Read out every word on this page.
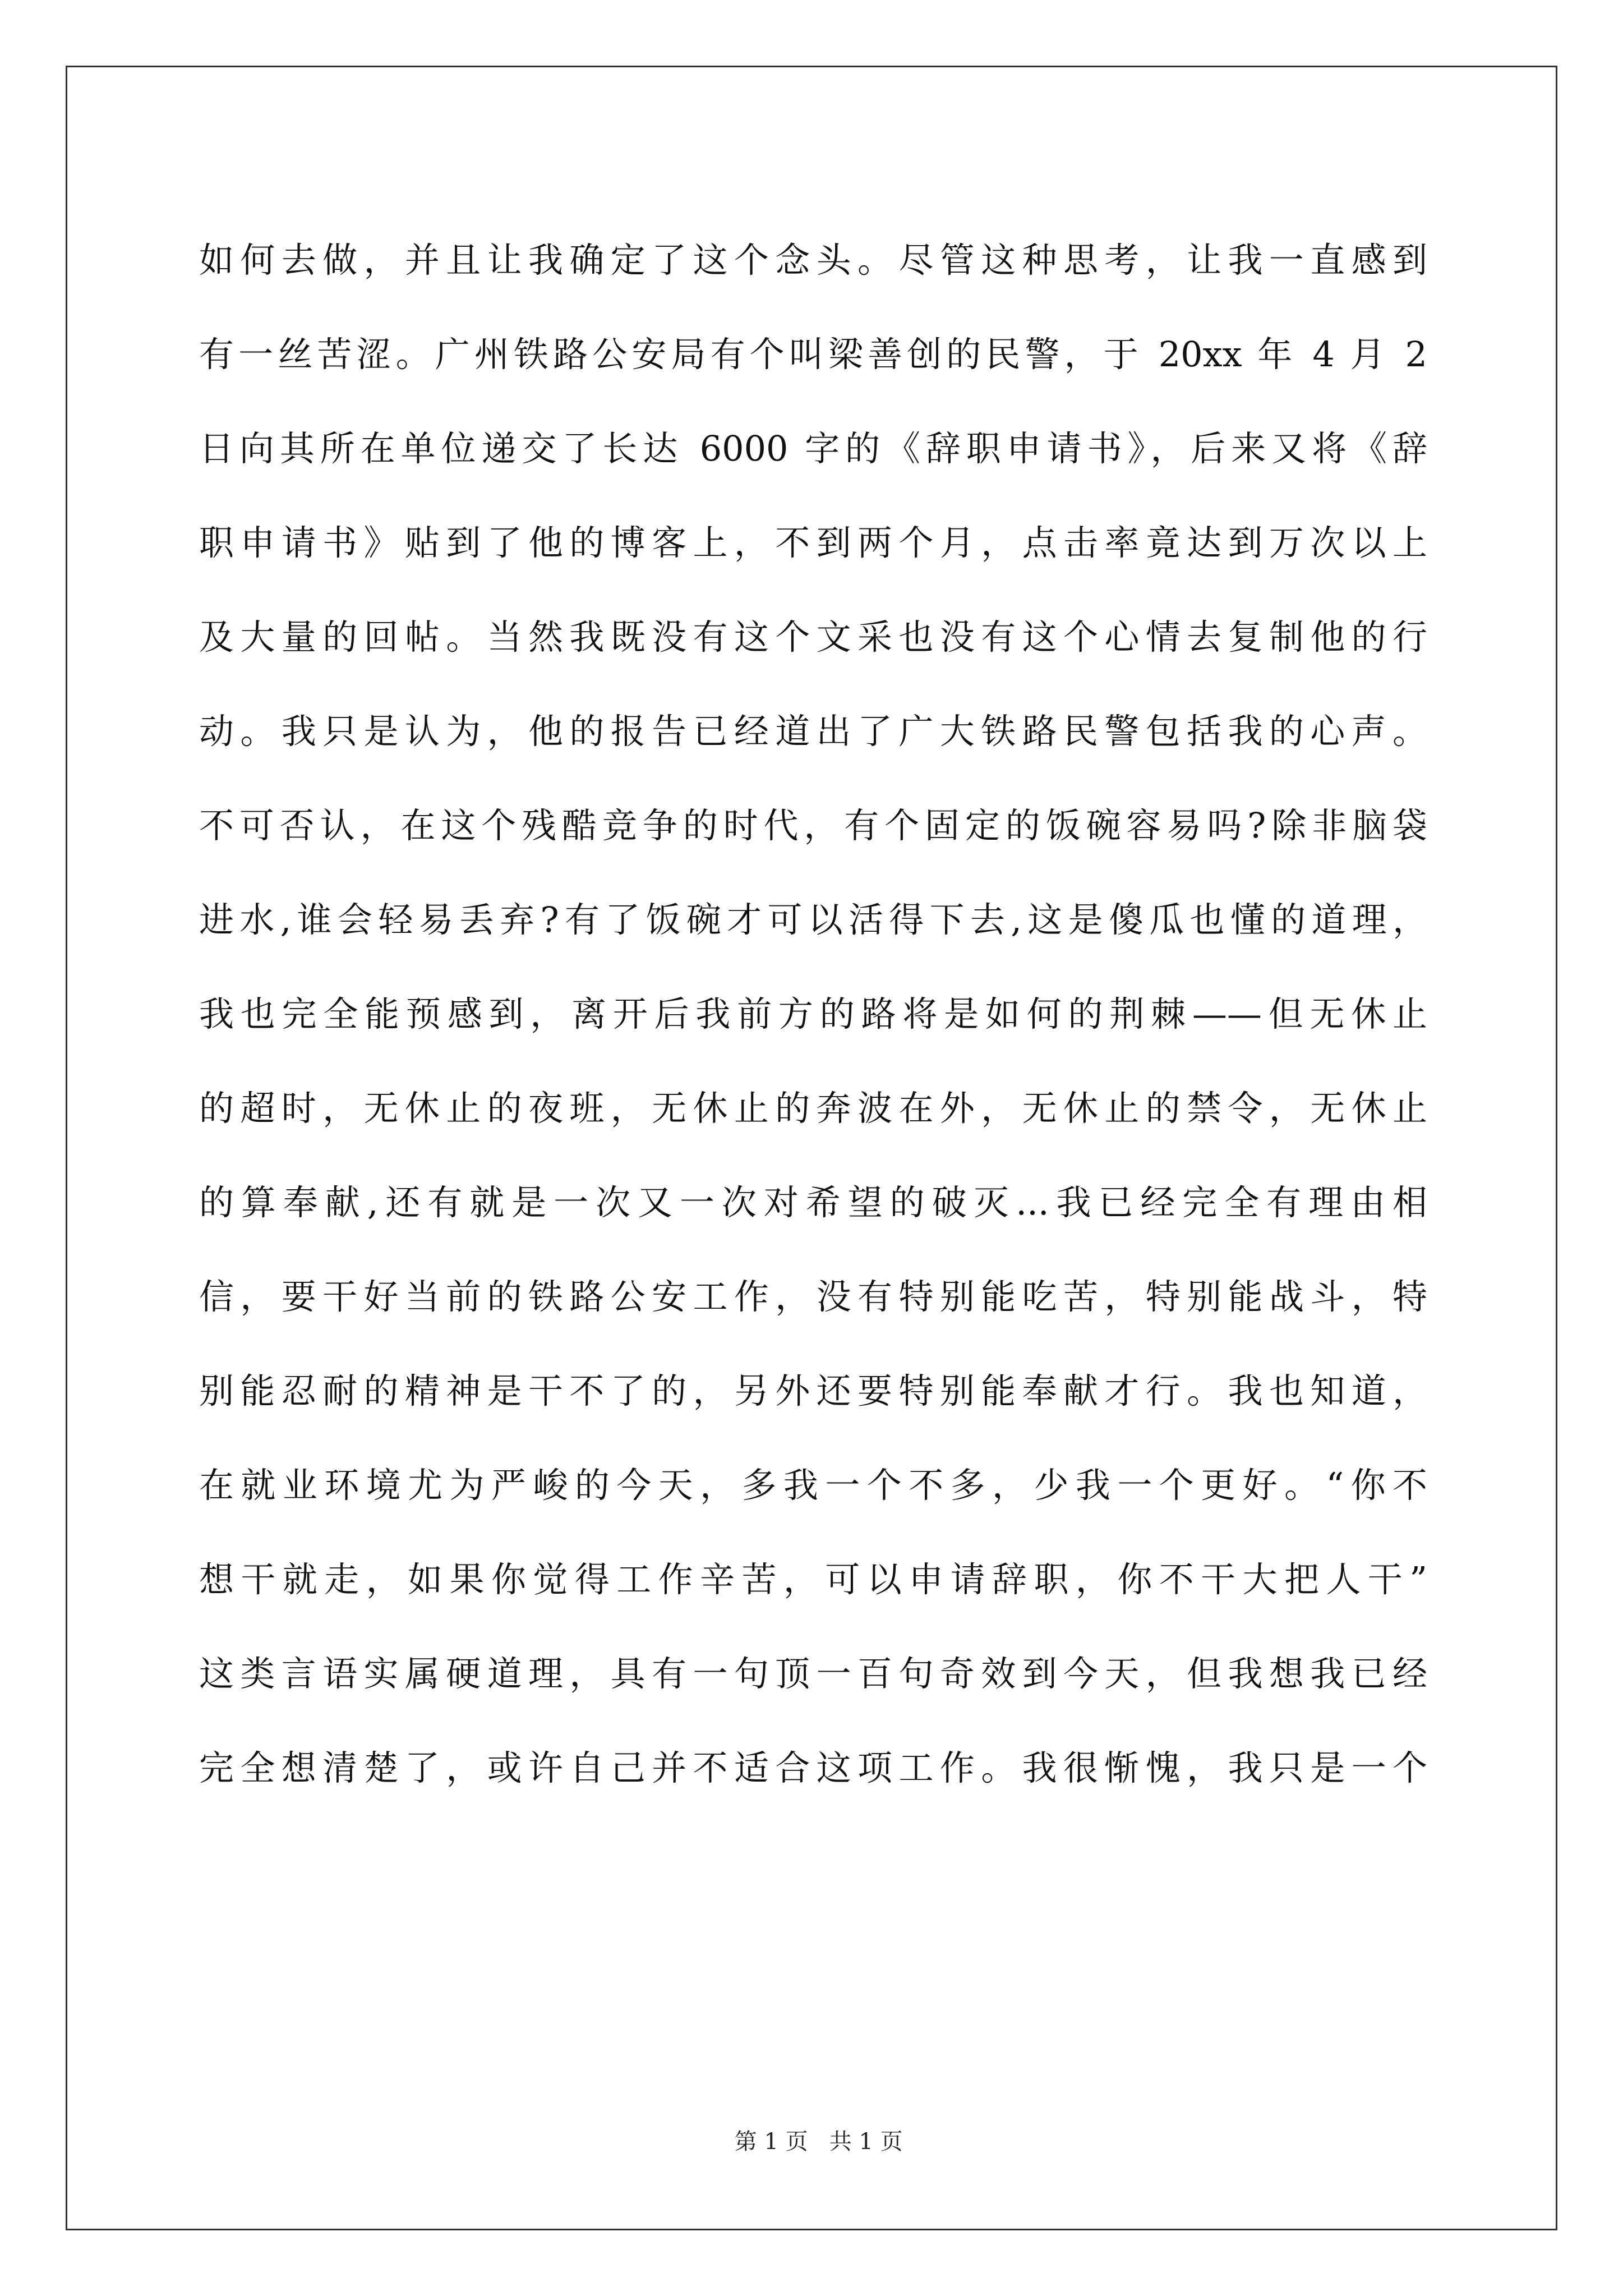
如何去做，并且让我确定了这个念头。尽管这种思考，让我一直感到
有一丝苦涩。广州铁路公安局有个叫梁善创的民警，于 20xx 年 4 月 2
日向其所在单位递交了长达 6000 字的《辞职申请书》，后来又将《辞
职申请书》贴到了他的博客上，不到两个月，点击率竟达到万次以上
及大量的回帖。当然我既没有这个文采也没有这个心情去复制他的行
动。我只是认为，他的报告已经道出了广大铁路民警包括我的心声。
不可否认，在这个残酷竞争的时代，有个固定的饭碗容易吗?除非脑袋
进水,谁会轻易丢弃?有了饭碗才可以活得下去,这是傻瓜也懂的道理，
我也完全能预感到，离开后我前方的路将是如何的荆棘——但无休止
的超时，无休止的夜班，无休止的奔波在外，无休止的禁令，无休止
的算奉献,还有就是一次又一次对希望的破灭...我已经完全有理由相
信，要干好当前的铁路公安工作，没有特别能吃苦，特别能战斗，特
别能忍耐的精神是干不了的，另外还要特别能奉献才行。我也知道，
在就业环境尤为严峻的今天，多我一个不多，少我一个更好。“你不
想干就走，如果你觉得工作辛苦，可以申请辞职，你不干大把人干”
这类言语实属硬道理，具有一句顶一百句奇效到今天，但我想我已经
完全想清楚了，或许自己并不适合这项工作。我很惭愧，我只是一个

第 1 页   共 1 页
